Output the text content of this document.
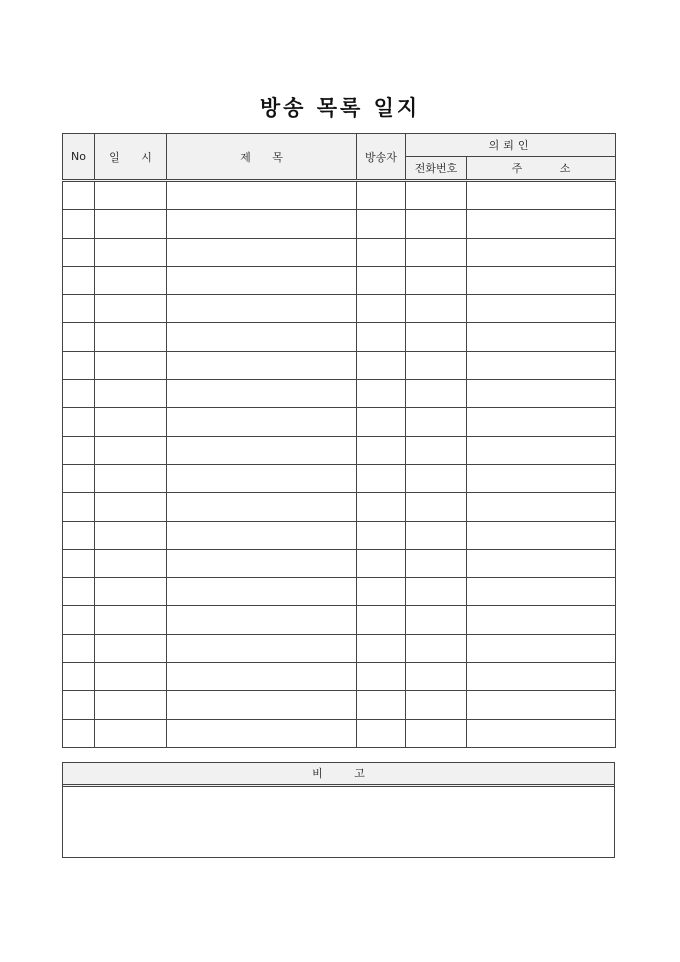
방송 목록 일지
No	일 시	제 목	방송자	의뢰인	
				전화번호	주 소

비 고
